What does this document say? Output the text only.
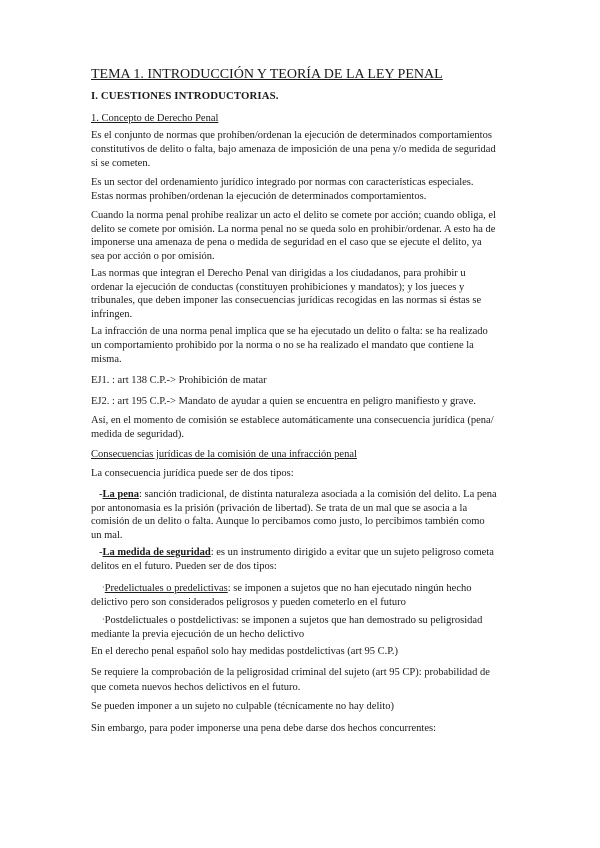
TEMA 1. INTRODUCCIÓN Y TEORÍA DE LA LEY PENAL
I. CUESTIONES INTRODUCTORIAS.
1. Concepto de Derecho Penal
Es el conjunto de normas que prohíben/ordenan la ejecución de determinados comportamientos
constitutivos de delito o falta, bajo amenaza de imposición de una pena y/o medida de seguridad
si se cometen.
Es un sector del ordenamiento jurídico integrado por normas con características especiales.
Estas normas prohíben/ordenan la ejecución de determinados comportamientos.
Cuando la norma penal prohíbe realizar un acto el delito se comete por acción; cuando obliga, el
delito se comete por omisión. La norma penal no se queda solo en prohibir/ordenar. A esto ha de
imponerse una amenaza de pena o medida de seguridad en el caso que se ejecute el delito, ya
sea por acción o por omisión.
Las normas que integran el Derecho Penal van dirigidas a los ciudadanos, para prohibir u
ordenar la ejecución de conductas (constituyen prohibiciones y mandatos); y los jueces y
tribunales, que deben imponer las consecuencias jurídicas recogidas en las normas si éstas se
infringen.
La infracción de una norma penal implica que se ha ejecutado un delito o falta: se ha realizado
un comportamiento prohibido por la norma o no se ha realizado el mandato que contiene la
misma.
EJ1. : art 138 C.P.-> Prohibición de matar
EJ2. : art 195 C.P.-> Mandato de ayudar a quien se encuentra en peligro manifiesto y grave.
Así, en el momento de comisión se establece automáticamente una consecuencia jurídica (pena/
medida de seguridad).
Consecuencias jurídicas de la comisión de una infracción penal
La consecuencia jurídica puede ser de dos tipos:
-La pena: sanción tradicional, de distinta naturaleza asociada a la comisión del delito. La pena
por antonomasia es la prisión (privación de libertad). Se trata de un mal que se asocia a la
comisión de un delito o falta. Aunque lo percibamos como justo, lo percibimos también como
un mal.
-La medida de seguridad: es un instrumento dirigido a evitar que un sujeto peligroso cometa
delitos en el futuro. Pueden ser de dos tipos:
·Predelictuales o predelictivas: se imponen a sujetos que no han ejecutado ningún hecho
delictivo pero son considerados peligrosos y pueden cometerlo en el futuro
·Postdelictuales o postdelictivas: se imponen a sujetos que han demostrado su peligrosidad
mediante la previa ejecución de un hecho delictivo
En el derecho penal español solo hay medidas postdelictivas (art 95 C.P.)
Se requiere la comprobación de la peligrosidad criminal del sujeto (art 95 CP): probabilidad de
que cometa nuevos hechos delictivos en el futuro.
Se pueden imponer a un sujeto no culpable (técnicamente no hay delito)
Sin embargo, para poder imponerse una pena debe darse dos hechos concurrentes:
